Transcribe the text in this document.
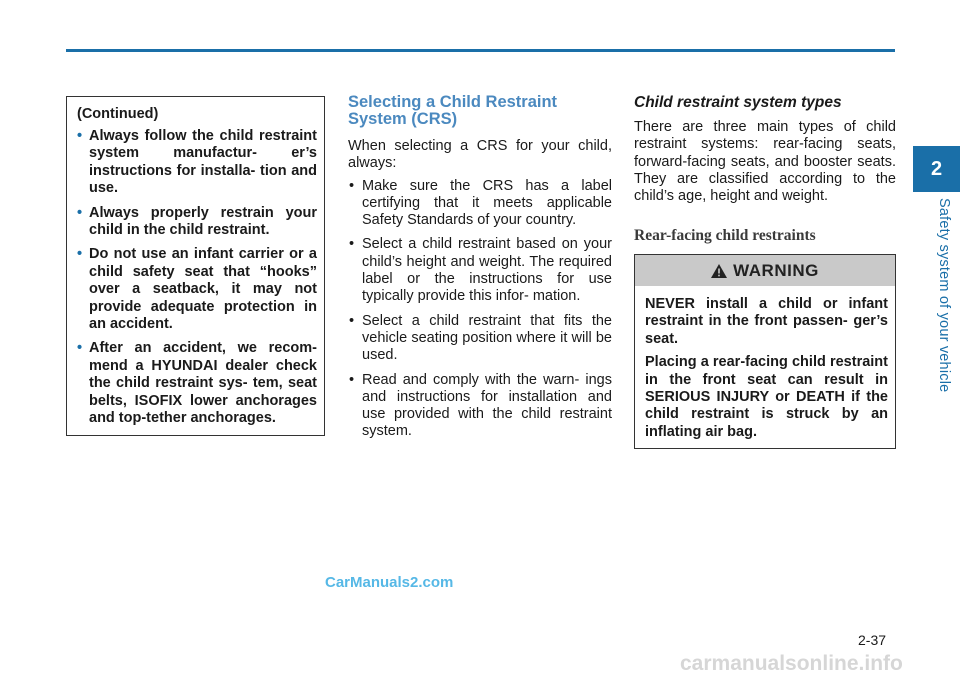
2
Safety system of your vehicle
(Continued)
• Always follow the child restraint system manufactur- er’s instructions for installa- tion and use.
• Always properly restrain your child in the child restraint.
• Do not use an infant carrier or a child safety seat that “hooks” over a seatback, it may not provide adequate protection in an accident.
• After an accident, we recom- mend a HYUNDAI dealer check the child restraint sys- tem, seat belts, ISOFIX lower anchorages and top-tether anchorages.
Selecting a Child Restraint System (CRS)

When selecting a CRS for your child, always:

• Make sure the CRS has a label certifying that it meets applicable Safety Standards of your country.
• Select a child restraint based on your child’s height and weight. The required label or the instructions for use typically provide this infor- mation.
• Select a child restraint that fits the vehicle seating position where it will be used.
• Read and comply with the warn- ings and instructions for installation and use provided with the child restraint system.
Child restraint system types

There are three main types of child restraint systems: rear-facing seats, forward-facing seats, and booster seats. They are classified according to the child’s age, height and weight.

Rear-facing child restraints
WARNING

NEVER install a child or infant restraint in the front passen- ger’s seat.

Placing a rear-facing child restraint in the front seat can result in SERIOUS INJURY or DEATH if the child restraint is struck by an inflating air bag.

CarManuals2.com
2-37
carmanualsonline.info
